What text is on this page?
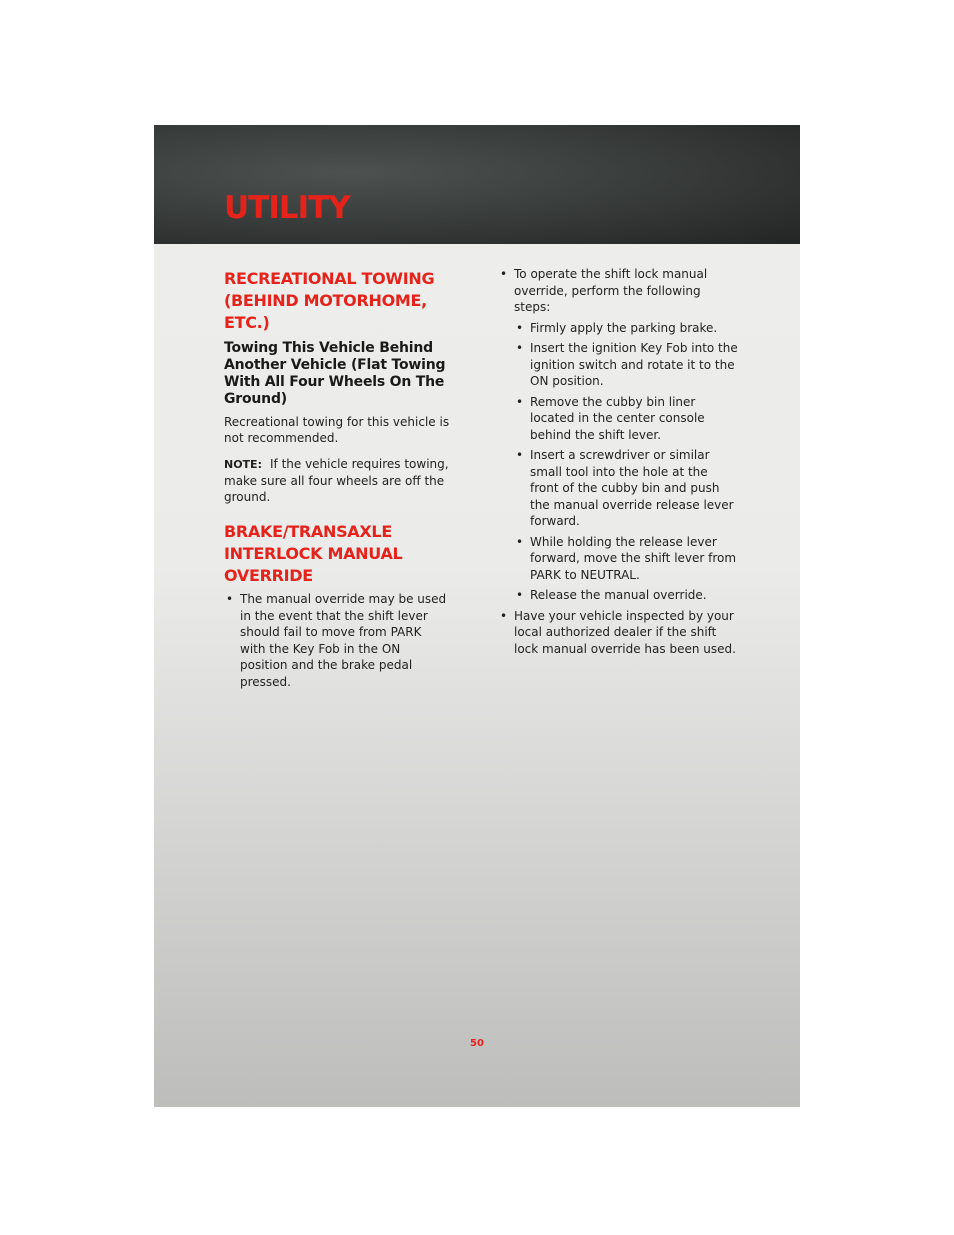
UTILITY
RECREATIONAL TOWING (BEHIND MOTORHOME, ETC.)
Towing This Vehicle Behind Another Vehicle (Flat Towing With All Four Wheels On The Ground)

Recreational towing for this vehicle is not recommended.

NOTE: If the vehicle requires towing, make sure all four wheels are off the ground.

BRAKE/TRANSAXLE INTERLOCK MANUAL OVERRIDE
• The manual override may be used in the event that the shift lever should fail to move from PARK with the Key Fob in the ON position and the brake pedal pressed.
• To operate the shift lock manual override, perform the following steps:
• Firmly apply the parking brake.
• Insert the ignition Key Fob into the ignition switch and rotate it to the ON position.
• Remove the cubby bin liner located in the center console behind the shift lever.
• Insert a screwdriver or similar small tool into the hole at the front of the cubby bin and push the manual override release lever forward.
• While holding the release lever forward, move the shift lever from PARK to NEUTRAL.
• Release the manual override.
• Have your vehicle inspected by your local authorized dealer if the shift lock manual override has been used.
50
